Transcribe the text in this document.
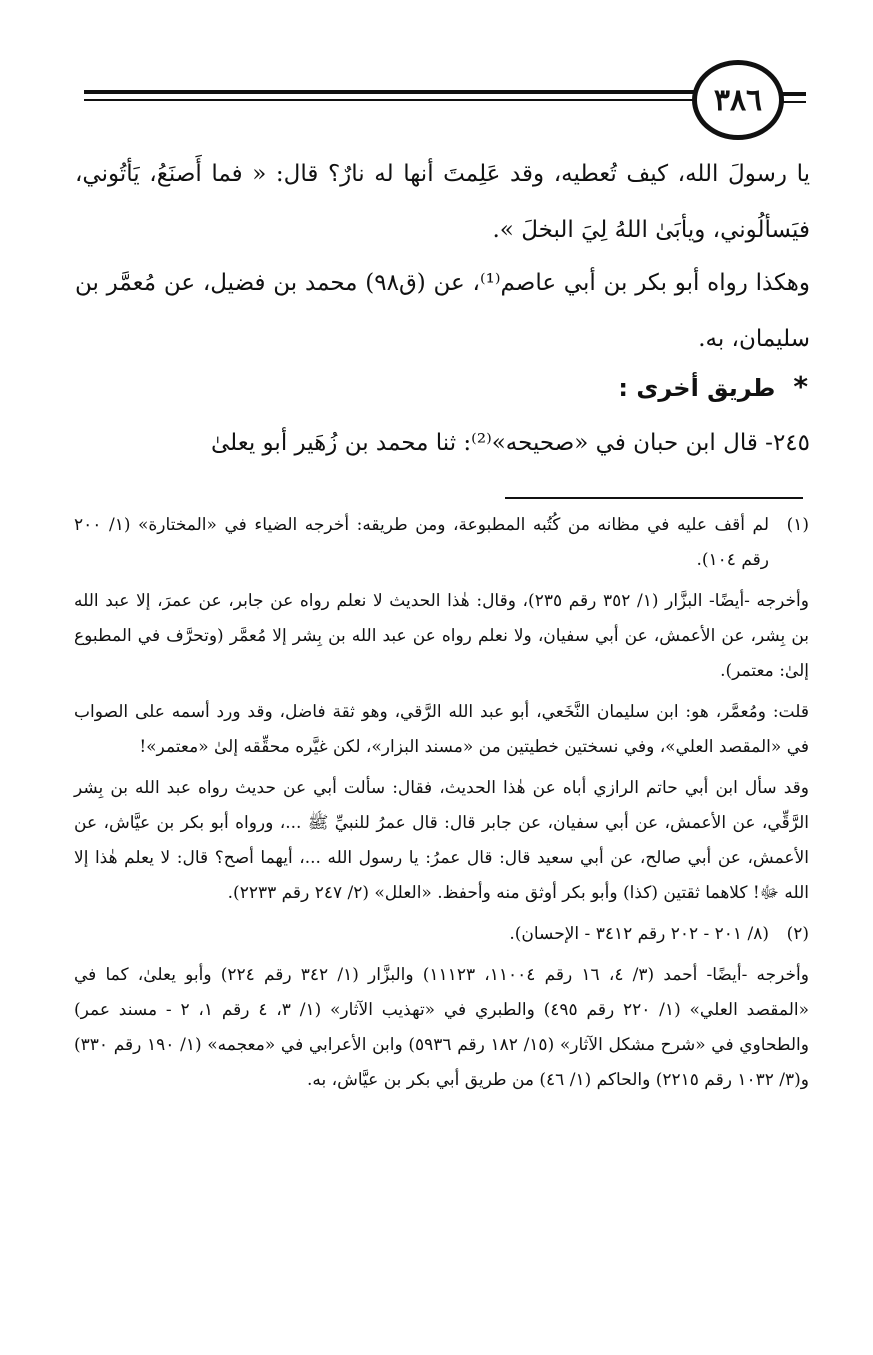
٣٨٦

يا رسولَ الله، كيف تُعطيه، وقد عَلِمتَ أنها له نارٌ؟ قال: « فما أَصنَعُ، يَأتُوني، فيَسألُوني، ويأبَىٰ اللهُ لِيَ البخلَ ».

وهكذا رواه أبو بكر بن أبي عاصم⁽¹⁾، عن (ق٩٨) محمد بن فضيل، عن مُعمَّر بن سليمان، به.

*طريق أخرى :

٢٤٥- قال ابن حبان في «صحيحه»⁽²⁾: ثنا محمد بن زُهَير أبو يعلىٰ

(١)

لم أقف عليه في مظانه من كُتُبه المطبوعة، ومن طريقه: أخرجه الضياء في «المختارة» (١/ ٢٠٠ رقم ١٠٤).

وأخرجه -أيضًا- البزَّار (١/ ٣٥٢ رقم ٢٣٥)، وقال: هٰذا الحديث لا نعلم رواه عن جابر، عن عمرَ، إلا عبد الله بن بِشر، عن الأعمش، عن أبي سفيان، ولا نعلم رواه عن عبد الله بن بِشر إلا مُعمَّر (وتحرَّف في المطبوع إلىٰ: معتمر).

قلت: ومُعمَّر، هو: ابن سليمان النَّخَعي، أبو عبد الله الرَّقي، وهو ثقة فاضل، وقد ورد أسمه على الصواب في «المقصد العلي»، وفي نسختين خطيتين من «مسند البزار»، لكن غيَّره محقِّقه إلىٰ «معتمر»!

وقد سأل ابن أبي حاتم الرازي أباه عن هٰذا الحديث، فقال: سألت أبي عن حديث رواه عبد الله بن بِشر الرَّقِّي، عن الأعمش، عن أبي سفيان، عن جابر قال: قال عمرُ للنبيِّ ﷺ ...، ورواه أبو بكر بن عيَّاش، عن الأعمش، عن أبي صالح، عن أبي سعيد قال: قال عمرُ: يا رسول الله ...، أيهما أصح؟ قال: لا يعلم هٰذا إلا الله ﷻ! كلاهما ثقتين (كذا) وأبو بكر أوثق منه وأحفظ. «العلل» (٢/ ٢٤٧ رقم ٢٢٣٣).

(٢)

(٨/ ٢٠١ - ٢٠٢ رقم ٣٤١٢ - الإحسان).

وأخرجه -أيضًا- أحمد (٣/ ٤، ١٦ رقم ١١٠٠٤، ١١١٢٣) والبزَّار (١/ ٣٤٢ رقم ٢٢٤) وأبو يعلىٰ، كما في «المقصد العلي» (١/ ٢٢٠ رقم ٤٩٥) والطبري في «تهذيب الآثار» (١/ ٣، ٤ رقم ١، ٢ - مسند عمر) والطحاوي في «شرح مشكل الآثار» (١٥/ ١٨٢ رقم ٥٩٣٦) وابن الأعرابي في «معجمه» (١/ ١٩٠ رقم ٣٣٠) و(٣/ ١٠٣٢ رقم ٢٢١٥) والحاكم (١/ ٤٦) من طريق أبي بكر بن عيَّاش، به.
